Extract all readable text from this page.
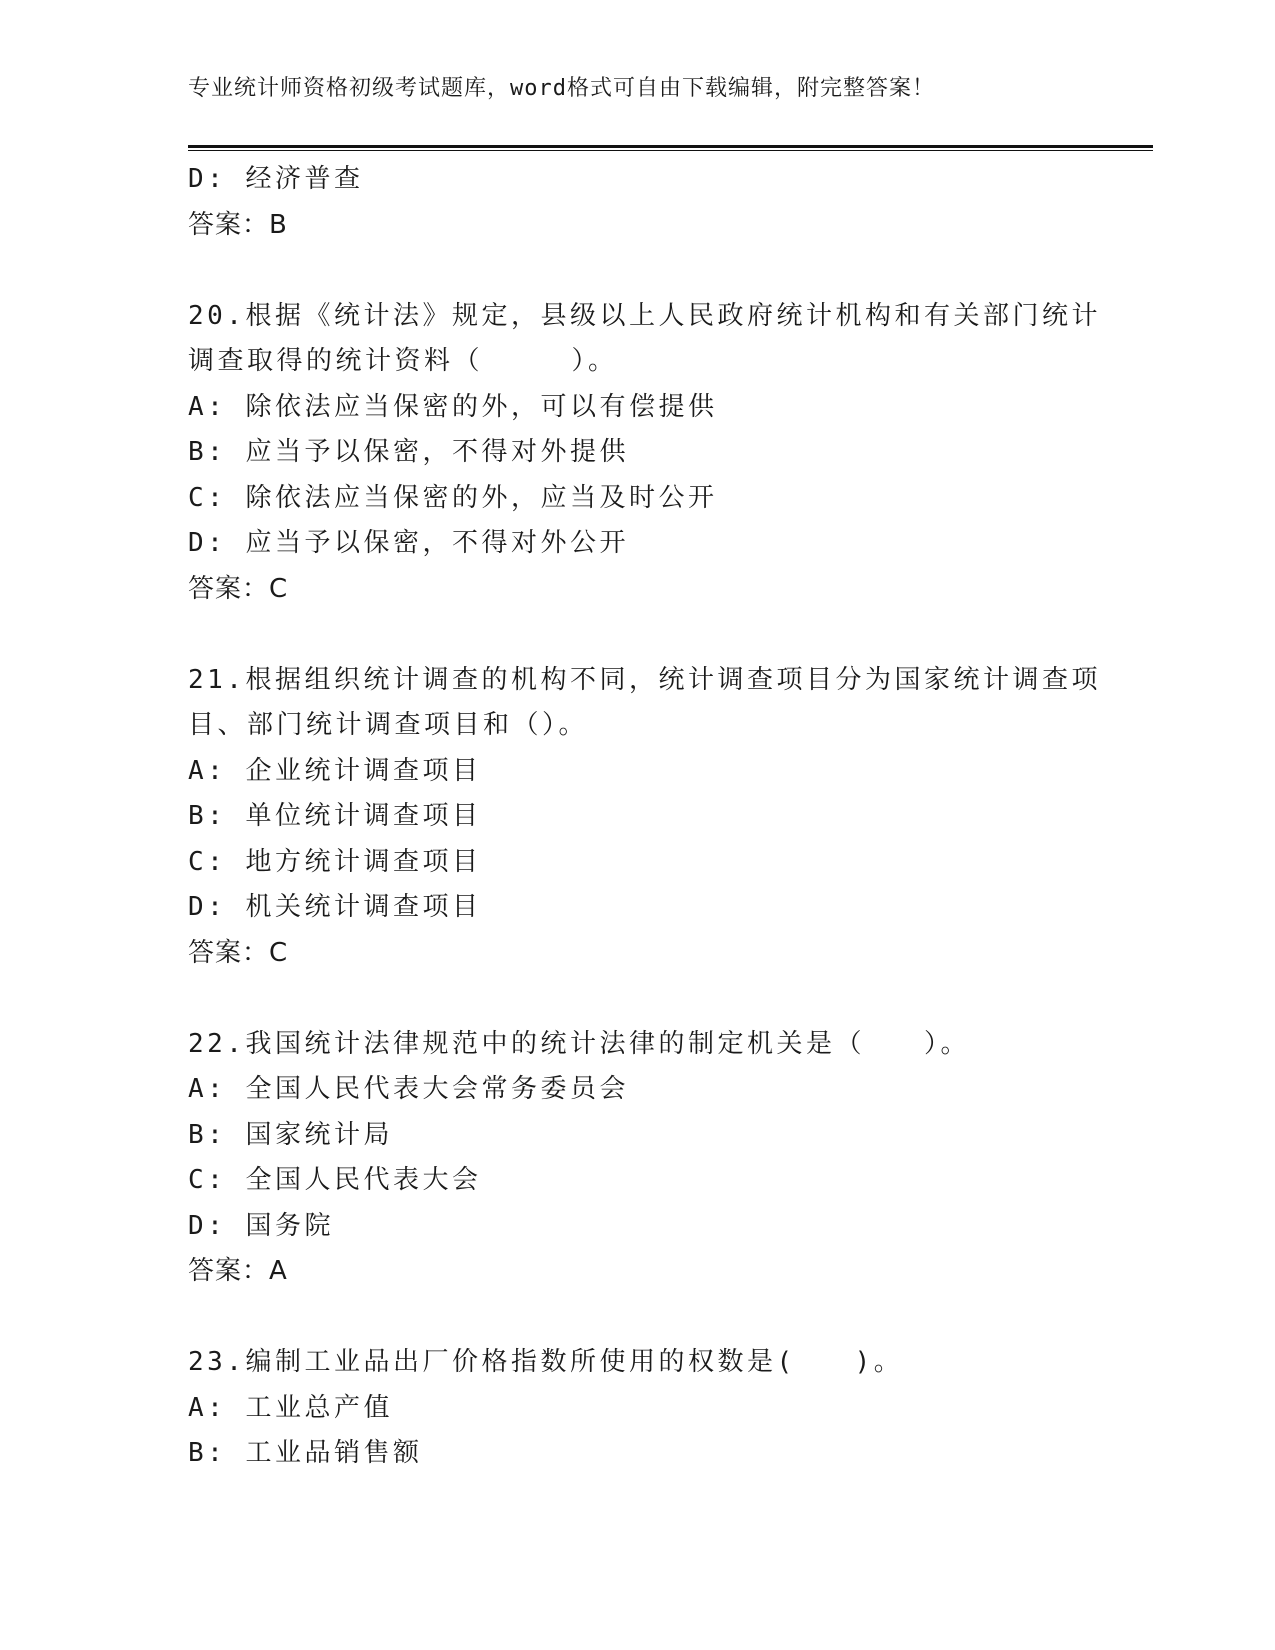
专业统计师资格初级考试题库，word格式可自由下载编辑，附完整答案！
D: 经济普查
答案：B
20.根据《统计法》规定，县级以上人民政府统计机构和有关部门统计
调查取得的统计资料（　　　）。
A: 除依法应当保密的外，可以有偿提供
B: 应当予以保密，不得对外提供
C: 除依法应当保密的外，应当及时公开
D: 应当予以保密，不得对外公开
答案：C
21.根据组织统计调查的机构不同，统计调查项目分为国家统计调查项
目、部门统计调查项目和（）。
A: 企业统计调查项目
B: 单位统计调查项目
C: 地方统计调查项目
D: 机关统计调查项目
答案：C
22.我国统计法律规范中的统计法律的制定机关是（　　）。
A: 全国人民代表大会常务委员会
B: 国家统计局
C: 全国人民代表大会
D: 国务院
答案：A
23.编制工业品出厂价格指数所使用的权数是(　　)。
A: 工业总产值
B: 工业品销售额
